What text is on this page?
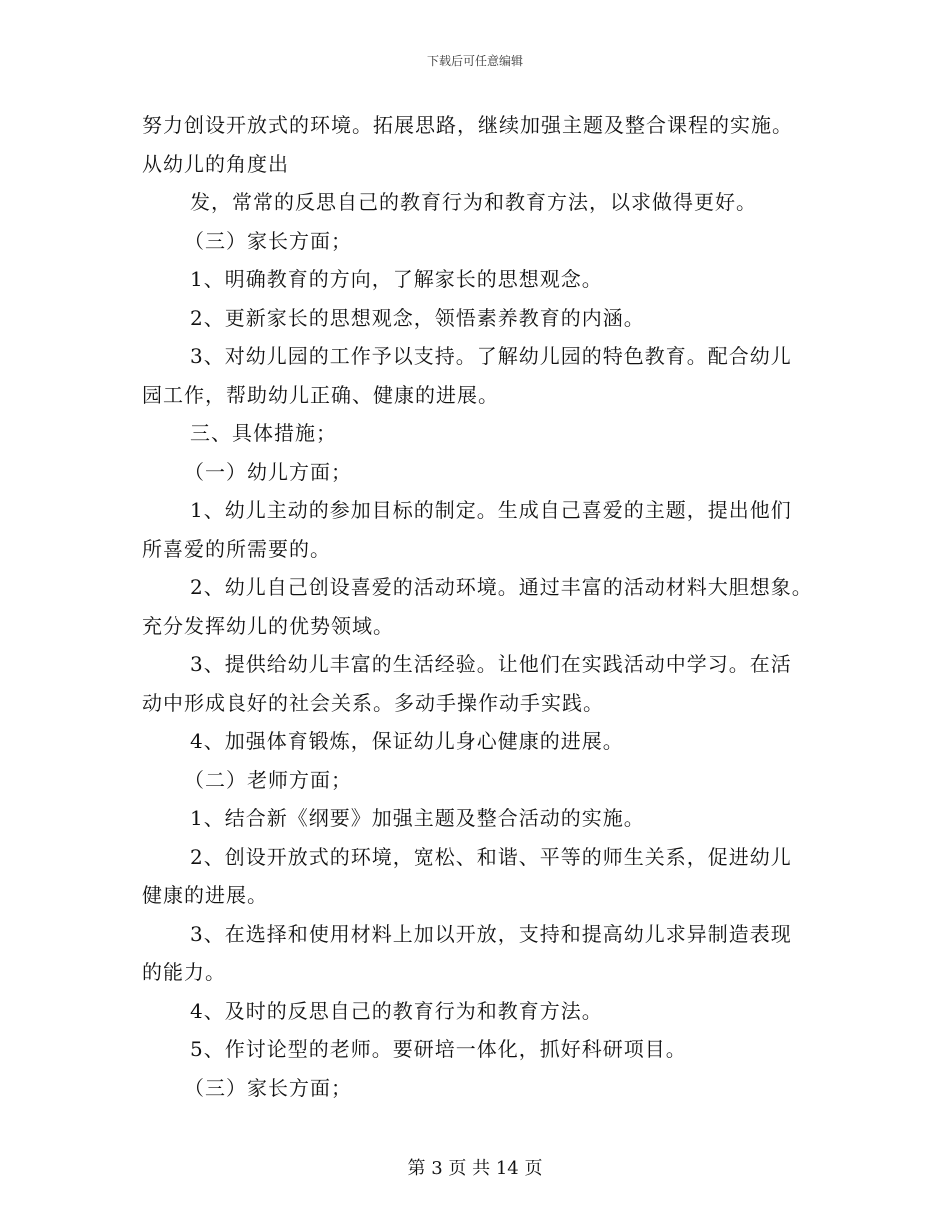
下载后可任意编辑

努力创设开放式的环境。拓展思路，继续加强主题及整合课程的实施。

从幼儿的角度出

发，常常的反思自己的教育行为和教育方法，以求做得更好。

（三）家长方面；

1、明确教育的方向，了解家长的思想观念。

2、更新家长的思想观念，领悟素养教育的内涵。

3、对幼儿园的工作予以支持。了解幼儿园的特色教育。配合幼儿

园工作，帮助幼儿正确、健康的进展。

三、具体措施；

（一）幼儿方面；

1、幼儿主动的参加目标的制定。生成自己喜爱的主题，提出他们

所喜爱的所需要的。

2、幼儿自己创设喜爱的活动环境。通过丰富的活动材料大胆想象。

充分发挥幼儿的优势领域。

3、提供给幼儿丰富的生活经验。让他们在实践活动中学习。在活

动中形成良好的社会关系。多动手操作动手实践。

4、加强体育锻炼，保证幼儿身心健康的进展。

（二）老师方面；

1、结合新《纲要》加强主题及整合活动的实施。

2、创设开放式的环境，宽松、和谐、平等的师生关系，促进幼儿

健康的进展。

3、在选择和使用材料上加以开放，支持和提高幼儿求异制造表现

的能力。

4、及时的反思自己的教育行为和教育方法。

5、作讨论型的老师。要研培一体化，抓好科研项目。

（三）家长方面；

第 3 页 共 14 页
